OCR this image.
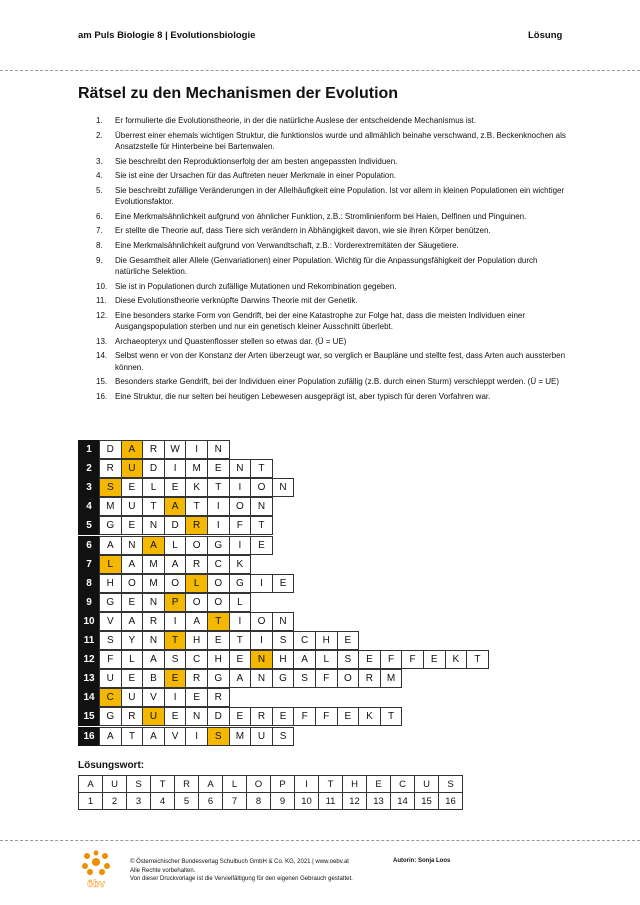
am Puls Biologie 8 | Evolutionsbiologie	Lösung
Rätsel zu den Mechanismen der Evolution
1.	Er formulierte die Evolutionstheorie, in der die natürliche Auslese der entscheidende Mechanismus ist.
2.	Überrest einer ehemals wichtigen Struktur, die funktionslos wurde und allmählich beinahe verschwand, z.B. Beckenknochen als Ansatzstelle für Hinterbeine bei Bartenwalen.
3.	Sie beschreibt den Reproduktionserfolg der am besten angepassten Individuen.
4.	Sie ist eine der Ursachen für das Auftreten neuer Merkmale in einer Population.
5.	Sie beschreibt zufällige Veränderungen in der Allelhäufigkeit eine Population. Ist vor allem in kleinen Populationen ein wichtiger Evolutionsfaktor.
6.	Eine Merkmalsähnlichkeit aufgrund von ähnlicher Funktion, z.B.: Stromlinienform bei Haien, Delfinen und Pinguinen.
7.	Er stellte die Theorie auf, dass Tiere sich verändern in Abhängigkeit davon, wie sie ihren Körper benützen.
8.	Eine Merkmalsähnlichkeit aufgrund von Verwandtschaft, z.B.: Vorderextremitäten der Säugetiere.
9.	Die Gesamtheit aller Allele (Genvariationen) einer Population. Wichtig für die Anpassungsfähigkeit der Population durch natürliche Selektion.
10. Sie ist in Populationen durch zufällige Mutationen und Rekombination gegeben.
11.	Diese Evolutionstheorie verknüpfte Darwins Theorie mit der Genetik.
12. Eine besonders starke Form von Gendrift, bei der eine Katastrophe zur Folge hat, dass die meisten Individuen einer Ausgangspopulation sterben und nur ein genetisch kleiner Ausschnitt überlebt.
13. Archaeopteryx und Quastenflosser stellen so etwas dar. (Ü = UE)
14. Selbst wenn er von der Konstanz der Arten überzeugt war, so verglich er Baupläne und stellte fest, dass Arten auch aussterben können.
15. Besonders starke Gendrift, bei der Individuen einer Population zufällig (z.B. durch einen Sturm) verschleppt werden. (Ü = UE)
16. Eine Struktur, die nur selten bei heutigen Lebewesen ausgeprägt ist, aber typisch für deren Vorfahren war.
1	D	A	R	W	I	N
2	R	U	D	I	M	E	N	T
3	S	E	L	E	K	T	I	O	N
4	M	U	T	A	T	I	O	N
5	G	E	N	D	R	I	F	T
6	A	N	A	L	O	G	I	E
7	L	A	M	A	R	C	K
8	H	O	M	O	L	O	G	I	E
9	G	E	N	P	O	O	L
10	V	A	R	I	A	T	I	O	N
11	S	Y	N	T	H	E	T	I	S	C	H	E
12	F	L	A	S	C	H	E	N	H	A	L	S	E	F	F	E	K	T
13	U	E	B	E	R	G	A	N	G	S	F	O	R	M
14	C	U	V	I	E	R
15	G	R	U	E	N	D	E	R	E	F	F	E	K	T
16	A	T	A	V	I	S	M	U	S
Lösungswort:
A	U	S	T	R	A	L	O	P	I	T	H	E	C	U	S
1	2	3	4	5	6	7	8	9	10	11	12	13	14	15	16
öbv
© Österreichischer Bundesverlag Schulbuch GmbH & Co. KG, 2021 | www.oebv.at
Alle Rechte vorbehalten.
Von dieser Druckvorlage ist die Vervielfältigung für den eigenen Gebrauch gestattet.
Autorin: Sonja Loos
